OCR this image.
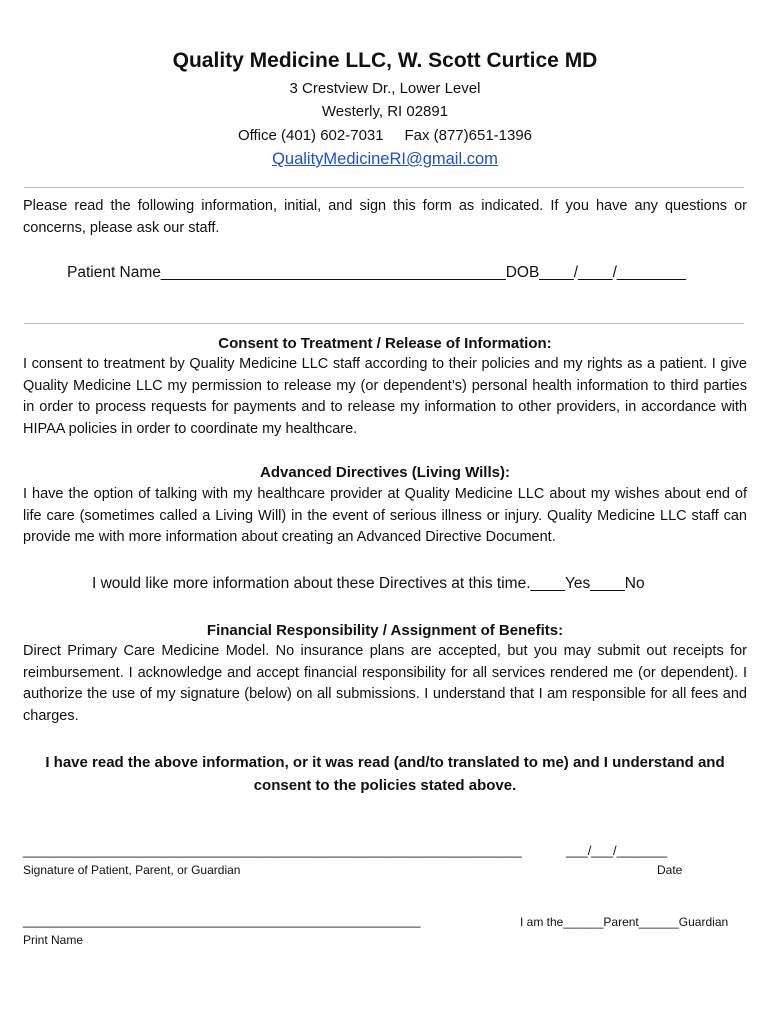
Quality Medicine LLC, W. Scott Curtice MD
3 Crestview Dr., Lower Level
Westerly, RI 02891
Office (401) 602-7031     Fax (877)651-1396
QualityMedicineRI@gmail.com
Please read the following information, initial, and sign this form as indicated. If you have any questions or concerns, please ask our staff.
Patient Name________________________________________DOB____/____/________
Consent to Treatment / Release of Information:
I consent to treatment by Quality Medicine LLC staff according to their policies and my rights as a patient. I give Quality Medicine LLC my permission to release my (or dependent’s) personal health information to third parties in order to process requests for payments and to release my information to other providers, in accordance with HIPAA policies in order to coordinate my healthcare.
Advanced Directives (Living Wills):
I have the option of talking with my healthcare provider at Quality Medicine LLC about my wishes about end of life care (sometimes called a Living Will) in the event of serious illness or injury. Quality Medicine LLC staff can provide me with more information about creating an Advanced Directive Document.
I would like more information about these Directives at this time.____Yes____No
Financial Responsibility / Assignment of Benefits:
Direct Primary Care Medicine Model. No insurance plans are accepted, but you may submit out receipts for reimbursement. I acknowledge and accept financial responsibility for all services rendered me (or dependent). I authorize the use of my signature (below) on all submissions. I understand that I am responsible for all fees and charges.
I have read the above information, or it was read (and/to translated to me) and I understand and consent to the policies stated above.
_____________________________________________________________________	___/___/_______
Signature of Patient, Parent, or Guardian	Date
_______________________________________________________	I am the______Parent______Guardian
Print Name
